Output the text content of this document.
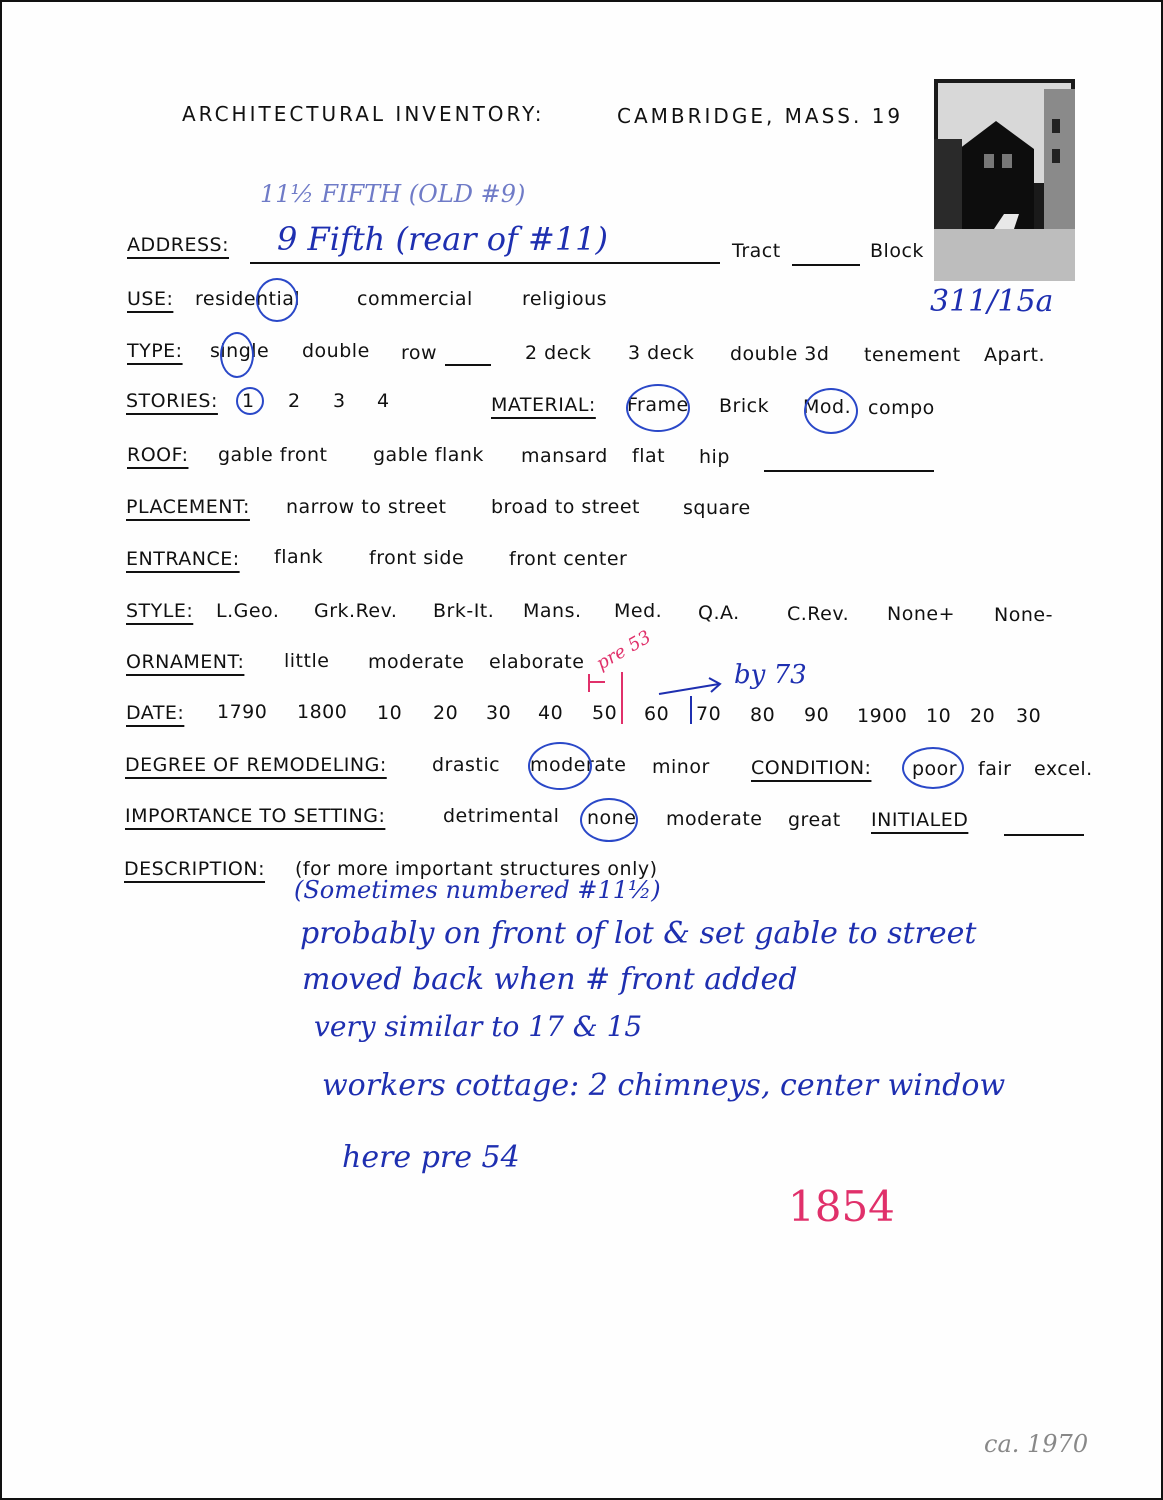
ARCHITECTURAL INVENTORY:	CAMBRIDGE, MASS. 19
311/15a
11½ FIFTH (OLD #9)
ADDRESS: 9 Fifth (rear of #11)	Tract	Block
USE: residential	commercial	religious
TYPE: single double row	2 deck 3 deck double 3d tenement Apart.
STORIES: 1 2 3 4	MATERIAL: Frame Brick Mod. compo
ROOF: gable front gable flank mansard flat hip
PLACEMENT: narrow to street broad to street square
ENTRANCE: flank front side front center
STYLE: L.Geo. Grk.Rev. Brk-It. Mans. Med. Q.A. C.Rev. None+ None-
ORNAMENT: little moderate elaborate pre 53
DATE: 1790 1800 10 20 30 40 50 60 70 80 90 1900 10 20 30
by 73
DEGREE OF REMODELING: drastic moderate minor CONDITION: poor fair excel.
IMPORTANCE TO SETTING:	detrimental none moderate great INITIALED
DESCRIPTION: (for more important structures only)
(Sometimes numbered #11½)
probably on front of lot & set gable to street
moved back when # front added
very similar to 17 & 15
workers cottage: 2 chimneys, center window
here pre 54
1854
ca. 1970
